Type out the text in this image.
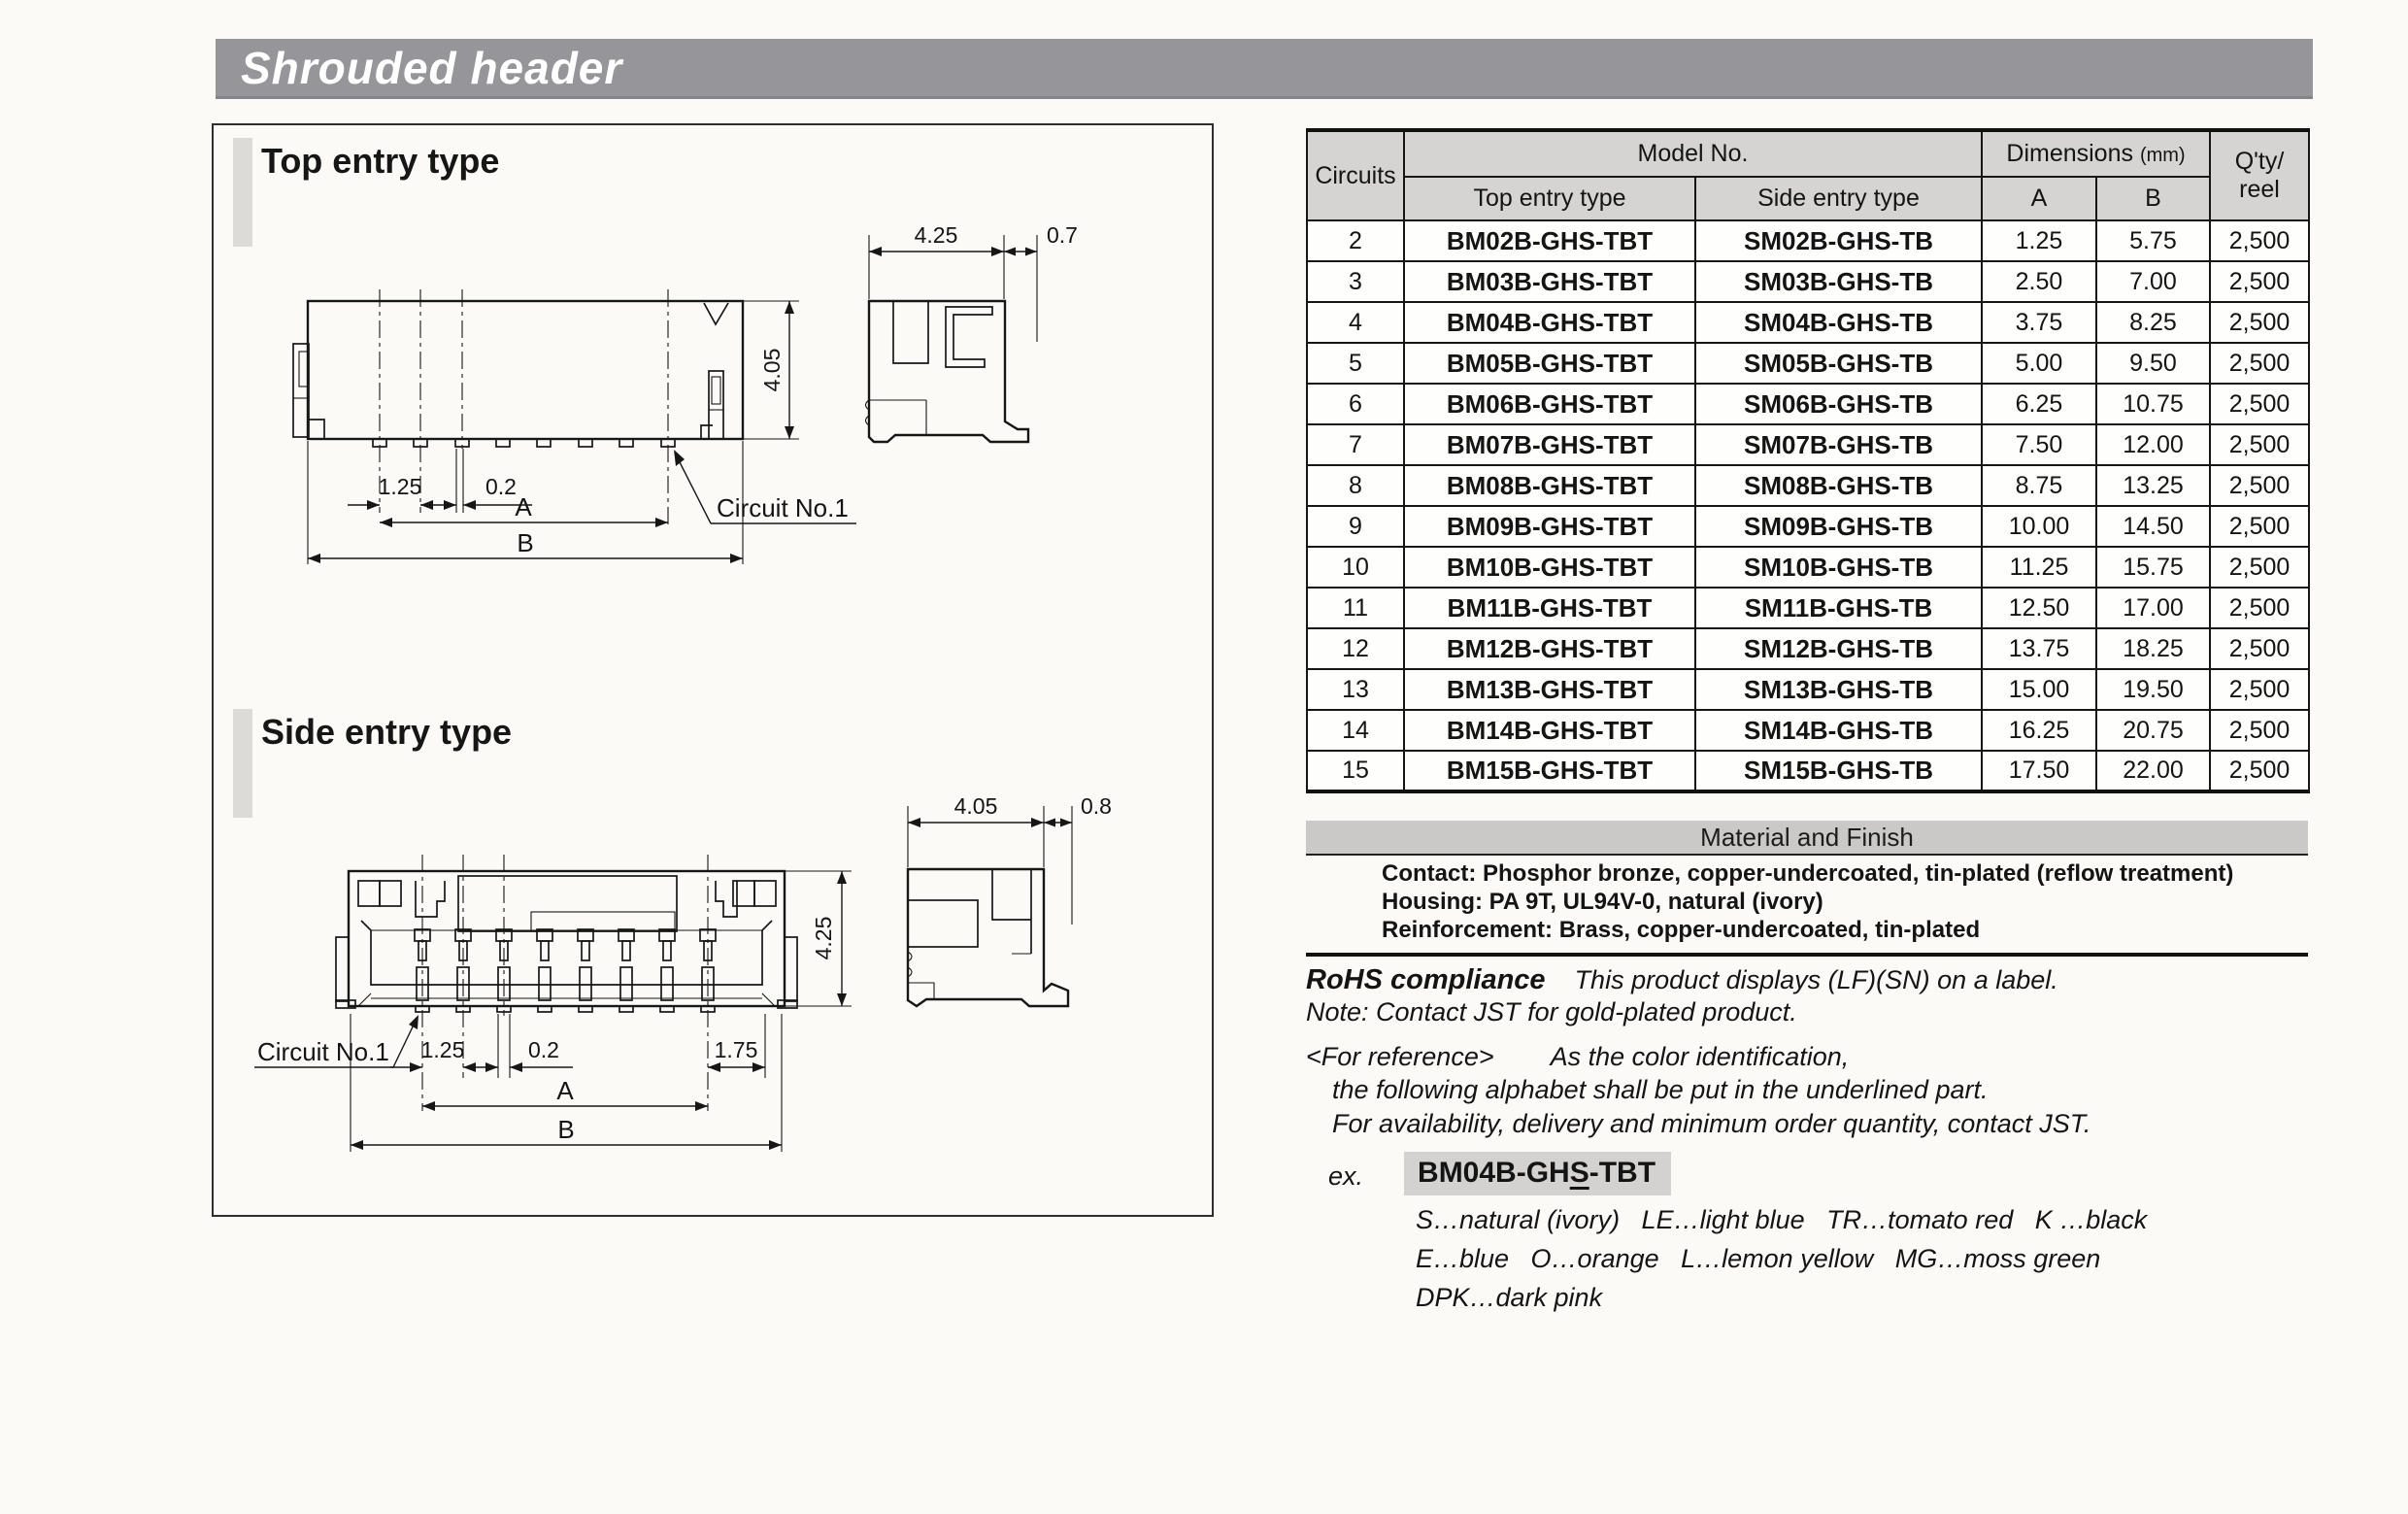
Shrouded header
Top entry type
1.25	0.2
A
B
4.05
Circuit No.1
4.25	0.7
Side entry type
1.25	0.2	1.75
A
B
4.25
Circuit No.1
4.05	0.8
Circuits	Model No.		Dimensions (mm)		Q'ty/
reel
	Top entry type	Side entry type	A	B	
2	BM02B-GHS-TBT	SM02B-GHS-TB	1.25	5.75	2,500
3	BM03B-GHS-TBT	SM03B-GHS-TB	2.50	7.00	2,500
4	BM04B-GHS-TBT	SM04B-GHS-TB	3.75	8.25	2,500
5	BM05B-GHS-TBT	SM05B-GHS-TB	5.00	9.50	2,500
6	BM06B-GHS-TBT	SM06B-GHS-TB	6.25	10.75	2,500
7	BM07B-GHS-TBT	SM07B-GHS-TB	7.50	12.00	2,500
8	BM08B-GHS-TBT	SM08B-GHS-TB	8.75	13.25	2,500
9	BM09B-GHS-TBT	SM09B-GHS-TB	10.00	14.50	2,500
10	BM10B-GHS-TBT	SM10B-GHS-TB	11.25	15.75	2,500
11	BM11B-GHS-TBT	SM11B-GHS-TB	12.50	17.00	2,500
12	BM12B-GHS-TBT	SM12B-GHS-TB	13.75	18.25	2,500
13	BM13B-GHS-TBT	SM13B-GHS-TB	15.00	19.50	2,500
14	BM14B-GHS-TBT	SM14B-GHS-TB	16.25	20.75	2,500
15	BM15B-GHS-TBT	SM15B-GHS-TB	17.50	22.00	2,500
Material and Finish
Contact: Phosphor bronze, copper-undercoated, tin-plated (reflow treatment)
Housing: PA 9T, UL94V-0, natural (ivory)
Reinforcement: Brass, copper-undercoated, tin-plated
RoHS compliance This product displays (LF)(SN) on a label.
Note: Contact JST for gold-plated product.
<For reference> As the color identification,
the following alphabet shall be put in the underlined part.
For availability, delivery and minimum order quantity, contact JST.
ex.	BM04B-GHS-TBT
S…natural (ivory)   LE…light blue   TR…tomato red   K …black
E…blue   O…orange   L…lemon yellow   MG…moss green
DPK…dark pink
